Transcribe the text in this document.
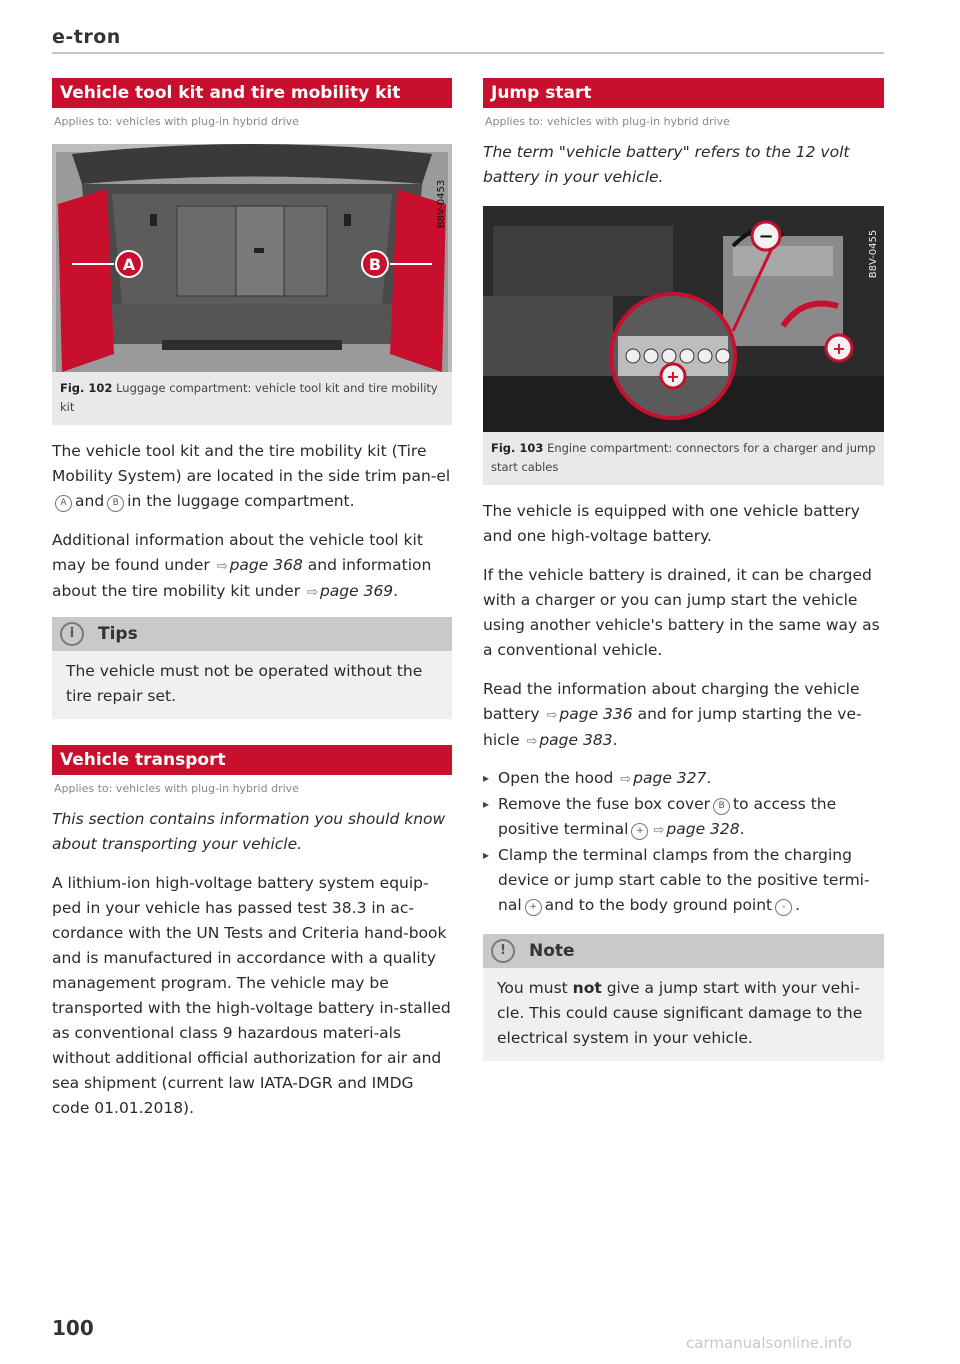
e-tron
Vehicle tool kit and tire mobility kit
Applies to: vehicles with plug-in hybrid drive
A	B
B8V-0453
Fig. 102 Luggage compartment: vehicle tool kit and tire mobility kit

The vehicle tool kit and the tire mobility kit (Tire Mobility System) are located in the side trim pan-elA and B in the luggage compartment.

Additional information about the vehicle tool kit may be found under ⇨ page 368 and information about the tire mobility kit under ⇨ page 369.

i	Tips
The vehicle must not be operated without the tire repair set.
Vehicle transport
Applies to: vehicles with plug-in hybrid drive

This section contains information you should know about transporting your vehicle.

A lithium-ion high-voltage battery system equip-ped in your vehicle has passed test 38.3 in ac-cordance with the UN Tests and Criteria hand-book and is manufactured in accordance with a quality management program. The vehicle may be transported with the high-voltage battery in-stalled as conventional class 9 hazardous materi-als without additional official authorization for air and sea shipment (current law IATA-DGR and IMDG code 01.01.2018).

Jump start
Applies to: vehicles with plug-in hybrid drive

The term "vehicle battery" refers to the 12 volt battery in your vehicle.

−
+
+
B8V-0455
Fig. 103 Engine compartment: connectors for a charger and jump start cables

The vehicle is equipped with one vehicle battery and one high-voltage battery.

If the vehicle battery is drained, it can be charged with a charger or you can jump start the vehicle using another vehicle's battery in the same way as a conventional vehicle.

Read the information about charging the vehicle battery ⇨ page 336 and for jump starting the ve-hicle ⇨ page 383.

▸ Open the hood ⇨ page 327.
▸ Remove the fuse box cover B to access the positive terminal + ⇨ page 328.
▸ Clamp the terminal clamps from the charging device or jump start cable to the positive termi-nal + and to the body ground point - .
!	Note
You must not give a jump start with your vehi-cle. This could cause significant damage to the electrical system in your vehicle.
100
carmanualsonline.info
